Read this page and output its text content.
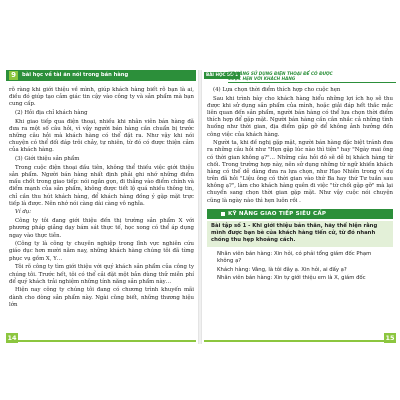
9	bài học về tài ăn nói trong bán hàng

rõ ràng khi giới thiệu về mình, giúp khách hàng biết rõ bạn là ai, điều đó giúp tạo cảm giác tin cậy vào công ty và sản phẩm mà bạn cung cấp.

(2) Hỏi địa chỉ khách hàng

Khi giao tiếp qua điện thoại, nhiều khi nhân viên bán hàng đã đưa ra một số câu hỏi, vì vậy người bán hàng cần chuẩn bị trước những câu hỏi mà khách hàng có thể đặt ra. Như vậy khi nói chuyện có thể đối đáp trôi chảy, tự nhiên, từ đó có được thiện cảm của khách hàng.

(3) Giới thiệu sản phẩm

Trong cuộc điện thoại đầu tiên, không thể thiếu việc giới thiệu sản phẩm. Người bán hàng nhất định phải ghi nhớ những điểm mấu chốt trong giao tiếp: nói ngắn gọn, đi thẳng vào điểm chính và điểm mạnh của sản phẩm, không được tiết lộ quá nhiều thông tin, chỉ cần thu hút khách hàng, để khách hàng đồng ý gặp mặt trực tiếp là được. Nên nhớ nói càng dài càng vô nghĩa.

Ví dụ:

Công ty tôi đang giới thiệu đến thị trường sản phẩm X với phương pháp giảng dạy bám sát thực tế, học xong có thể áp dụng ngay vào thực tiễn.

(Công ty là công ty chuyên nghiệp trong lĩnh vực nghiên cứu giáo dục hơn mười năm nay, những khách hàng chúng tôi đã từng phục vụ gồm X, Y…

Tôi rõ công ty tìm giới thiệu với quý khách sản phẩm của công ty chúng tôi. Trước hết, tôi có thể cải đặt một bản dùng thử miễn phí để quý khách trải nghiệm những tính năng sản phẩm này…

Hiện nay công ty chúng tôi đang có chương trình khuyến mãi dành cho dòng sản phẩm này. Ngài cũng biết, những thương hiệu lớn

14
BÀI HỌC SỐ 1
KỸ NĂNG SỬ DỤNG ĐIỆN THOẠI ĐỂ CÓ ĐƯỢC
CUỘC HẸN VỚI KHÁCH HÀNG

(4) Lựa chọn thời điểm thích hợp cho cuộc hẹn

Sau khi trình bày cho khách hàng hiểu những lợi ích họ sẽ thu được khi sử dụng sản phẩm của mình, hoặc giải đáp hết thắc mắc liên quan đến sản phẩm, người bán hàng có thể lựa chọn thời điểm thích hợp để gặp mặt. Người bán hàng cần cân nhắc cả những tình huống như thời gian, địa điểm gặp gỡ để không ảnh hưởng đến công việc của khách hàng.

Người ta, khi đề nghị gặp mặt, người bán hàng đặc biệt tránh đưa ra những câu hỏi như "Hẹn gặp lúc nào thì tiện" hay "Ngày mai ông có thời gian không ạ?"… Những câu hỏi đó sẽ dễ bị khách hàng từ chối. Trong trường hợp này, nên sử dụng những từ ngữ khiến khách hàng có thể dễ dàng đưa ra lựa chọn, như Hạo Nhiên trong ví dụ trên đã hỏi "Liệu ông có thời gian vào thứ Ba hay thứ Tư tuần sau không ạ?", làm cho khách hàng quên đi việc "từ chối gặp gỡ" mà lại chuyển sang chọn thời gian gặp mặt. Như vậy cuộc nói chuyện cũng là ngày nào thì hẹn luôn rồi .

KỸ NĂNG GIAO TIẾP SIÊU CẤP

Bài tập số 1 - Khi giới thiệu bản thân, hãy thể hiện rằng mình được bạn bè của khách hàng tiến cử, từ đó nhanh chóng thu hẹp khoảng cách.

Nhân viên bán hàng: Xin hỏi, có phải tổng giám đốc Phạm không ạ?

Khách hàng: Vâng, là tôi đây ạ. Xin hỏi, ai đấy ạ?

Nhân viên bán hàng: Xin tự giới thiệu em là X, giám đốc

15
